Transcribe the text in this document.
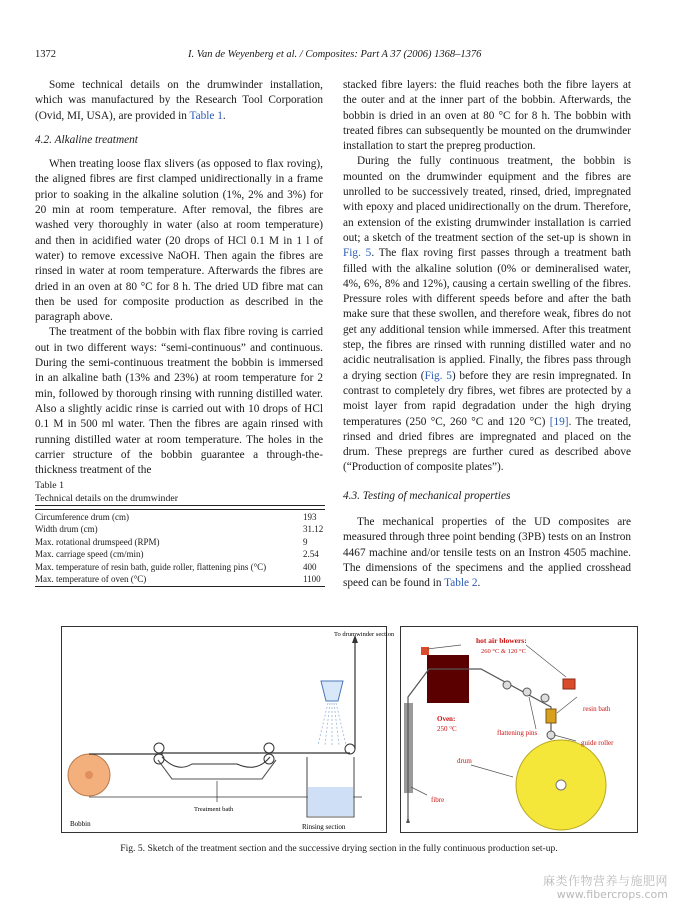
1372	I. Van de Weyenberg et al. / Composites: Part A 37 (2006) 1368–1376

Some technical details on the drumwinder installation, which was manufactured by the Research Tool Corporation (Ovid, MI, USA), are provided in Table 1.

4.2. Alkaline treatment

When treating loose flax slivers (as opposed to flax roving), the aligned fibres are first clamped unidirectionally in a frame prior to soaking in the alkaline solution (1%, 2% and 3%) for 20 min at room temperature. After removal, the fibres are washed very thoroughly in water (also at room temperature) and then in acidified water (20 drops of HCl 0.1 M in 1 l of water) to remove excessive NaOH. Then again the fibres are rinsed in water at room temperature. Afterwards the fibres are dried in an oven at 80 °C for 8 h. The dried UD fibre mat can then be used for composite production as described in the paragraph above.

The treatment of the bobbin with flax fibre roving is carried out in two different ways: “semi-continuous” and continuous. During the semi-continuous treatment the bobbin is immersed in an alkaline bath (13% and 23%) at room temperature for 2 min, followed by thorough rinsing with running distilled water. Also a slightly acidic rinse is carried out with 10 drops of HCl 0.1 M in 500 ml water. Then the fibres are again rinsed with running distilled water at room temperature. The holes in the carrier structure of the bobbin guarantee a through-the-thickness treatment of the

stacked fibre layers: the fluid reaches both the fibre layers at the outer and at the inner part of the bobbin. Afterwards, the bobbin is dried in an oven at 80 °C for 8 h. The bobbin with treated fibres can subsequently be mounted on the drumwinder installation to start the prepreg production.

During the fully continuous treatment, the bobbin is mounted on the drumwinder equipment and the fibres are unrolled to be successively treated, rinsed, dried, impregnated with epoxy and placed unidirectionally on the drum. Therefore, an extension of the existing drumwinder installation is carried out; a sketch of the treatment section of the set-up is shown in Fig. 5. The flax roving first passes through a treatment bath filled with the alkaline solution (0% or demineralised water, 4%, 6%, 8% and 12%), causing a certain swelling of the fibres. Pressure roles with different speeds before and after the bath make sure that these swollen, and therefore weak, fibres do not get any additional tension while immersed. After this treatment step, the fibres are rinsed with running distilled water and no acidic neutralisation is applied. Finally, the fibres pass through a drying section (Fig. 5) before they are resin impregnated. In contrast to completely dry fibres, wet fibres are protected by a moist layer from rapid degradation under the high drying temperatures (250 °C, 260 °C and 120 °C) [19]. The treated, rinsed and dried fibres are impregnated and placed on the drum. These prepregs are further cured as described above (“Production of composite plates”).

4.3. Testing of mechanical properties

The mechanical properties of the UD composites are measured through three point bending (3PB) tests on an Instron 4467 machine and/or tensile tests on an Instron 4505 machine. The dimensions of the specimens and the applied crosshead speed can be found in Table 2.

Table 1
Technical details on the drumwinder
Circumference drum (cm)	193
Width drum (cm)	31.12
Max. rotational drumspeed (RPM)	9
Max. carriage speed (cm/min)	2.54
Max. temperature of resin bath, guide roller, flattening pins (°C)	400
Max. temperature of oven (°C)	1100
To drumwinder section
Bobbin
Treatment bath
Rinsing section
hot air blowers:
260 °C & 120 °C
Oven:
250 °C
resin bath
flattening pins
guide roller
drum
fibre
Fig. 5. Sketch of the treatment section and the successive drying section in the fully continuous production set-up.
麻类作物营养与施肥网
www.fibercrops.com
